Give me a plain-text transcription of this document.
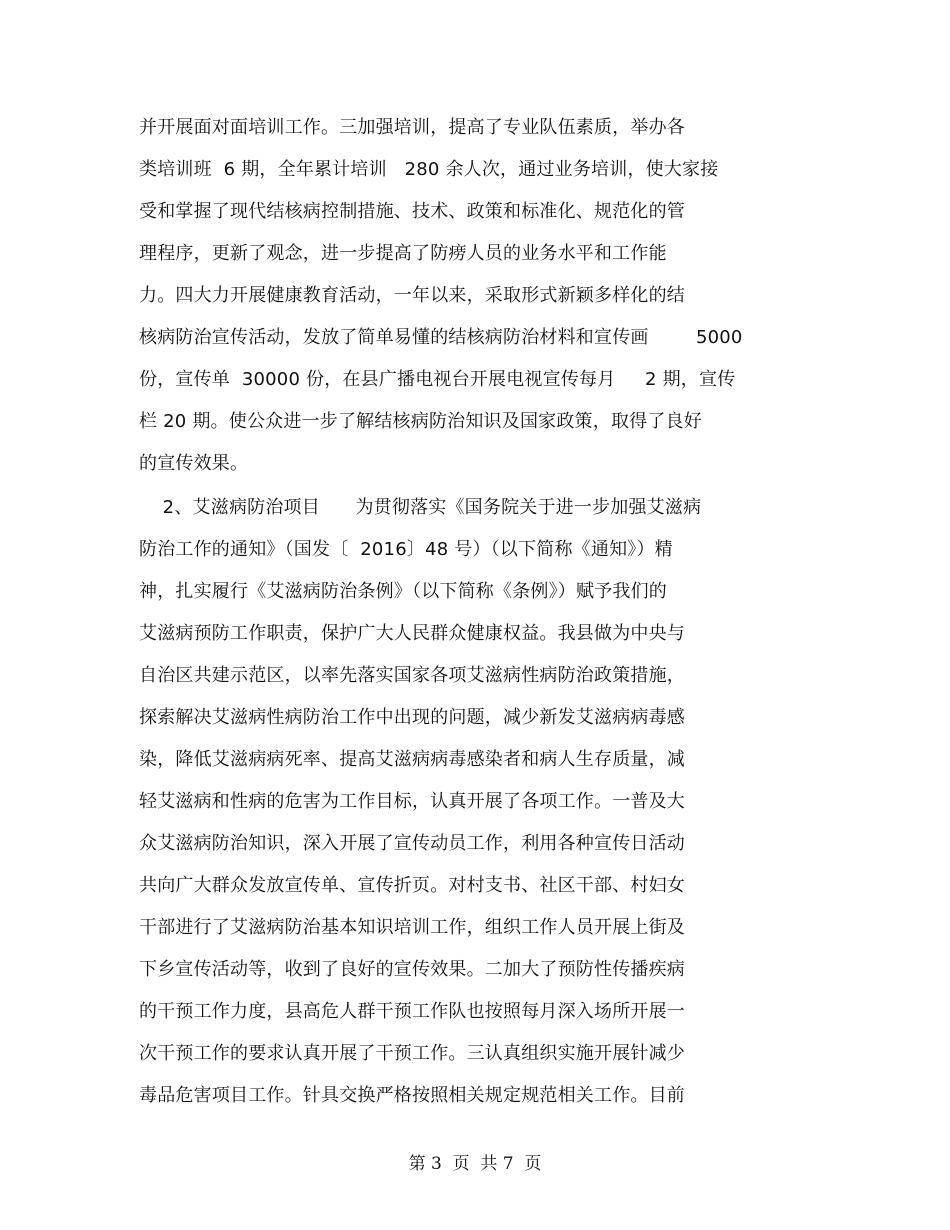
并开展面对面培训工作。三加强培训，提高了专业队伍素质，举办各
类培训班  6 期，全年累计培训   280 余人次，通过业务培训，使大家接
受和掌握了现代结核病控制措施、技术、政策和标准化、规范化的管
理程序，更新了观念，进一步提高了防痨人员的业务水平和工作能
力。四大力开展健康教育活动，一年以来，采取形式新颖多样化的结
核病防治宣传活动，发放了简单易懂的结核病防治材料和宣传画        5000
份，宣传单  30000 份，在县广播电视台开展电视宣传每月     2 期，宣传
栏 20 期。使公众进一步了解结核病防治知识及国家政策，取得了良好
的宣传效果。
2、艾滋病防治项目      为贯彻落实《国务院关于进一步加强艾滋病
防治工作的通知》（国发〔  2016〕48 号）（以下简称《通知》）精
神，扎实履行《艾滋病防治条例》（以下简称《条例》）赋予我们的
艾滋病预防工作职责，保护广大人民群众健康权益。我县做为中央与
自治区共建示范区，以率先落实国家各项艾滋病性病防治政策措施，
探索解决艾滋病性病防治工作中出现的问题，减少新发艾滋病病毒感
染，降低艾滋病病死率、提高艾滋病病毒感染者和病人生存质量，减
轻艾滋病和性病的危害为工作目标，认真开展了各项工作。一普及大
众艾滋病防治知识，深入开展了宣传动员工作，利用各种宣传日活动
共向广大群众发放宣传单、宣传折页。对村支书、社区干部、村妇女
干部进行了艾滋病防治基本知识培训工作，组织工作人员开展上街及
下乡宣传活动等，收到了良好的宣传效果。二加大了预防性传播疾病
的干预工作力度，县高危人群干预工作队也按照每月深入场所开展一
次干预工作的要求认真开展了干预工作。三认真组织实施开展针减少
毒品危害项目工作。针具交换严格按照相关规定规范相关工作。目前
第 3  页  共 7  页
